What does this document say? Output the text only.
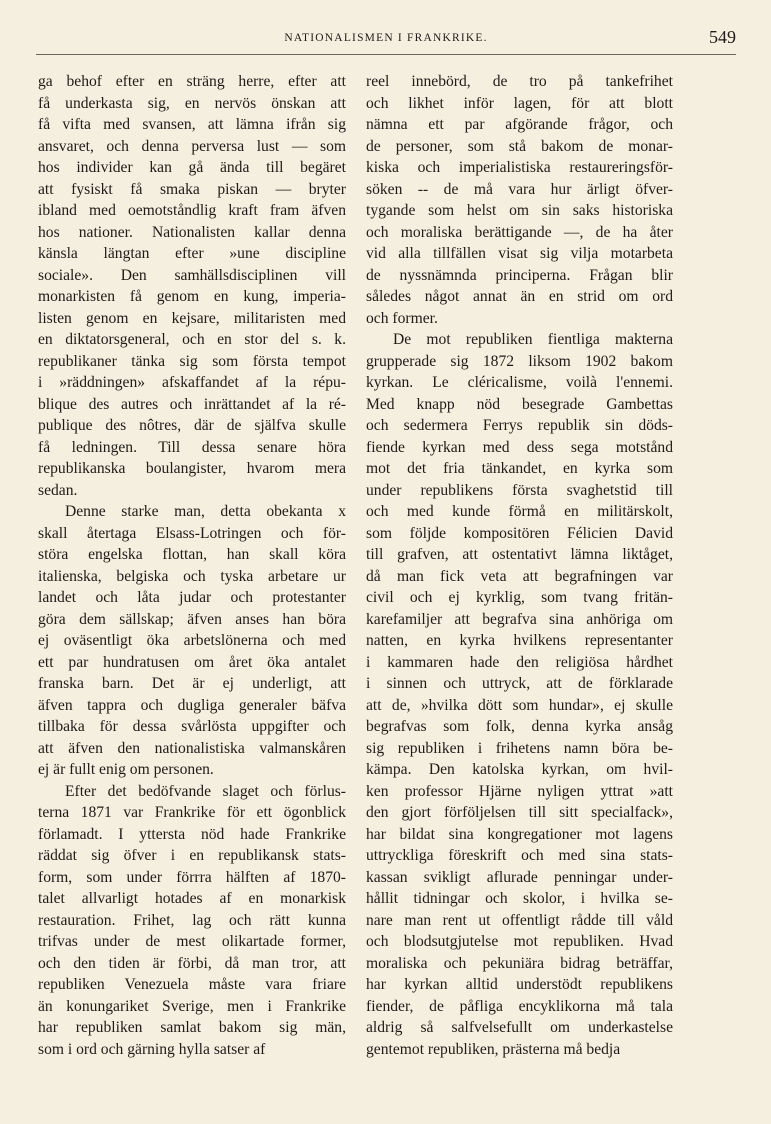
NATIONALISMEN I FRANKRIKE.	549
ga behof efter en sträng herre, efter att
få underkasta sig, en nervös önskan att
få vifta med svansen, att lämna ifrån sig
ansvaret, och denna perversa lust — som
hos individer kan gå ända till begäret
att fysiskt få smaka piskan — bryter
ibland med oemotståndlig kraft fram äfven
hos nationer. Nationalisten kallar denna
känsla längtan efter »une discipline
sociale». Den samhällsdisciplinen vill
monarkisten få genom en kung, imperia-
listen genom en kejsare, militaristen med
en diktatorsgeneral, och en stor del s. k.
republikaner tänka sig som första tempot
i »räddningen» afskaffandet af la répu-
blique des autres och inrättandet af la ré-
publique des nôtres, där de själfva skulle
få ledningen. Till dessa senare höra
republikanska boulangister, hvarom mera
sedan.
Denne starke man, detta obekanta x
skall återtaga Elsass-Lotringen och för-
störa engelska flottan, han skall köra
italienska, belgiska och tyska arbetare ur
landet och låta judar och protestanter
göra dem sällskap; äfven anses han böra
ej oväsentligt öka arbetslönerna och med
ett par hundratusen om året öka antalet
franska barn. Det är ej underligt, att
äfven tappra och dugliga generaler bäfva
tillbaka för dessa svårlösta uppgifter och
att äfven den nationalistiska valmanskåren
ej är fullt enig om personen.
Efter det bedöfvande slaget och förlus-
terna 1871 var Frankrike för ett ögonblick
förlamadt. I yttersta nöd hade Frankrike
räddat sig öfver i en republikansk stats-
form, som under förrra hälften af 1870-
talet allvarligt hotades af en monarkisk
restauration. Frihet, lag och rätt kunna
trifvas under de mest olikartade former,
och den tiden är förbi, då man tror, att
republiken Venezuela måste vara friare
än konungariket Sverige, men i Frankrike
har republiken samlat bakom sig män,
som i ord och gärning hylla satser af
reel innebörd, de tro på tankefrihet
och likhet inför lagen, för att blott
nämna ett par afgörande frågor, och
de personer, som stå bakom de monar-
kiska och imperialistiska restaureringsför-
söken -- de må vara hur ärligt öfver-
tygande som helst om sin saks historiska
och moraliska berättigande —, de ha åter
vid alla tillfällen visat sig vilja motarbeta
de nyssnämnda principerna. Frågan blir
således något annat än en strid om ord
och former.
De mot republiken fientliga makterna
grupperade sig 1872 liksom 1902 bakom
kyrkan. Le cléricalisme, voilà l'ennemi.
Med knapp nöd besegrade Gambettas
och sedermera Ferrys republik sin döds-
fiende kyrkan med dess sega motstånd
mot det fria tänkandet, en kyrka som
under republikens första svaghetstid till
och med kunde förmå en militärskolt,
som följde kompositören Félicien David
till grafven, att ostentativt lämna liktåget,
då man fick veta att begrafningen var
civil och ej kyrklig, som tvang fritän-
karefamiljer att begrafva sina anhöriga om
natten, en kyrka hvilkens representanter
i kammaren hade den religiösa hårdhet
i sinnen och uttryck, att de förklarade
att de, »hvilka dött som hundar», ej skulle
begrafvas som folk, denna kyrka ansåg
sig republiken i frihetens namn böra be-
kämpa. Den katolska kyrkan, om hvil-
ken professor Hjärne nyligen yttrat »att
den gjort förföljelsen till sitt specialfack»,
har bildat sina kongregationer mot lagens
uttryckliga föreskrift och med sina stats-
kassan svikligt aflurade penningar under-
hållit tidningar och skolor, i hvilka se-
nare man rent ut offentligt rådde till våld
och blodsutgjutelse mot republiken. Hvad
moraliska och pekuniära bidrag beträffar,
har kyrkan alltid understödt republikens
fiender, de påfliga encyklikorna må tala
aldrig så salfvelsefullt om underkastelse
gentemot republiken, prästerna må bedja
